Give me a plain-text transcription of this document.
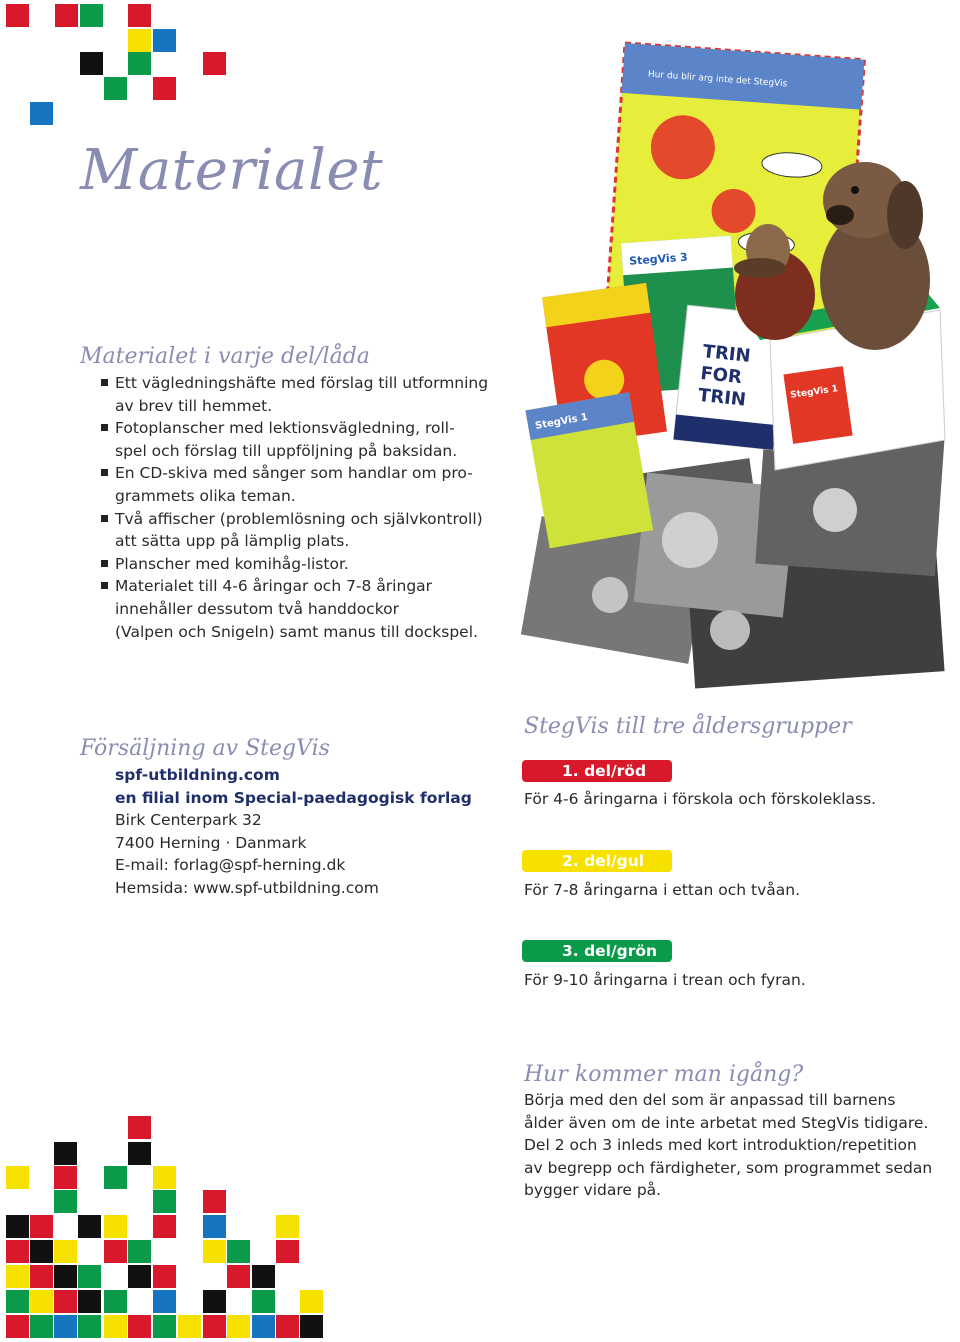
Materialet
Materialet i varje del/låda
Ett vägledningshäfte med förslag till utformning
av brev till hemmet.
Fotoplanscher med lektionsvägledning, roll-
spel och förslag till uppföljning på baksidan.
En CD-skiva med sånger som handlar om pro-
grammets olika teman.
Två affischer (problemlösning och självkontroll)
att sätta upp på lämplig plats.
Planscher med komihåg-listor.
Materialet till 4-6 åringar och 7-8 åringar
innehåller dessutom två handdockor
(Valpen och Snigeln) samt manus till dockspel.
Hur du blir arg inte det StegVis
StegVis 3
StegVis 1
TRIN
FOR
TRIN	StegVis 1
Försäljning av StegVis
spf-utbildning.com
en filial inom Special-paedagogisk forlag
Birk Centerpark 32
7400 Herning · Danmark
E-mail: forlag@spf-herning.dk
Hemsida: www.spf-utbildning.com
StegVis till tre åldersgrupper
1. del/röd
För 4-6 åringarna i förskola och förskoleklass.
2. del/gul
För 7-8 åringarna i ettan och tvåan.
3. del/grön
För 9-10 åringarna i trean och fyran.
Hur kommer man igång?
Börja med den del som är anpassad till barnens
ålder även om de inte arbetat med StegVis tidigare.
Del 2 och 3 inleds med kort introduktion/repetition
av begrepp och färdigheter, som programmet sedan
bygger vidare på.
